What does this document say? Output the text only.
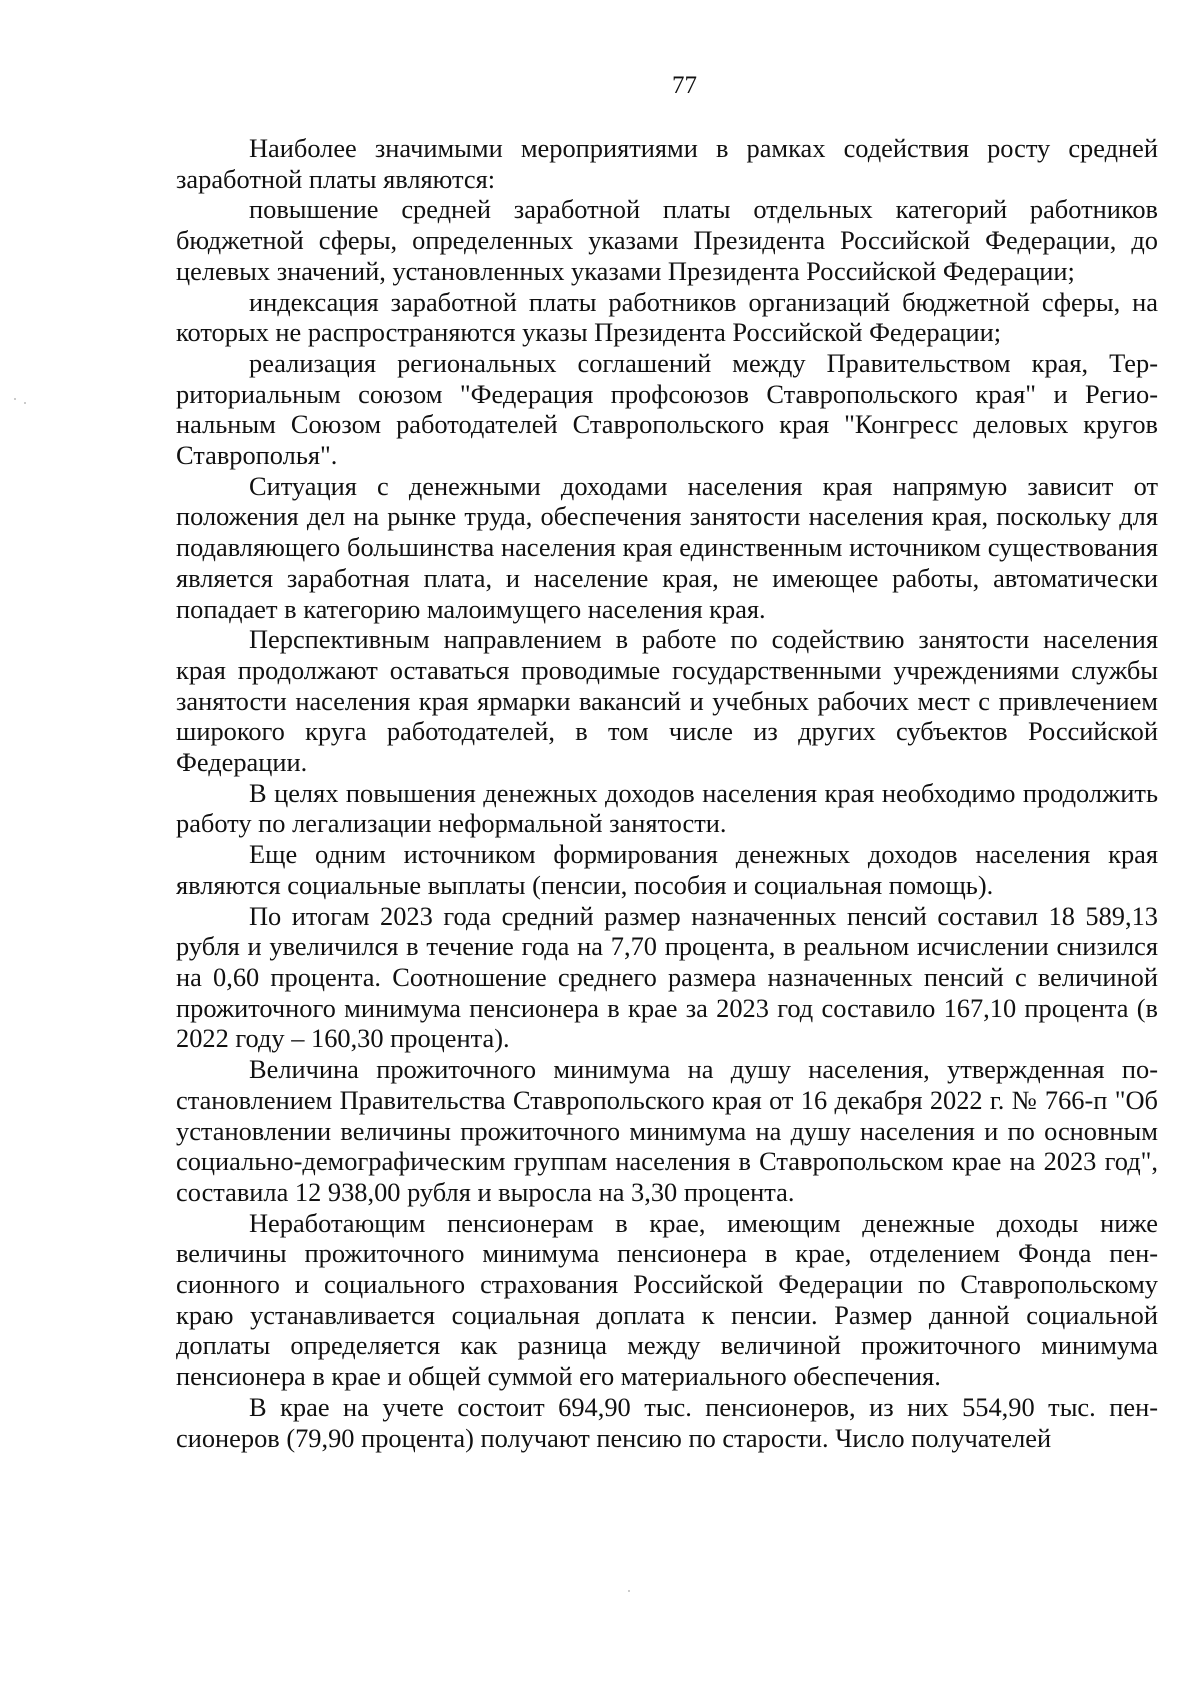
77

Наиболее значимыми мероприятиями в рамках содействия росту средней заработной платы являются:

повышение средней заработной платы отдельных категорий работников бюджетной сферы, определенных указами Президента Российской Федерации, до целевых значений, установленных указами Президента Российской Федерации;

индексация заработной платы работников организаций бюджетной сферы, на которых не распространяются указы Президента Российской Федерации;

реализация региональных соглашений между Правительством края, Территориальным союзом "Федерация профсоюзов Ставропольского края" и Региональным Союзом работодателей Ставропольского края "Конгресс деловых кругов Ставрополья".

Ситуация с денежными доходами населения края напрямую зависит от положения дел на рынке труда, обеспечения занятости населения края, поскольку для подавляющего большинства населения края единственным источником существования является заработная плата, и население края, не имеющее работы, автоматически попадает в категорию малоимущего населения края.

Перспективным направлением в работе по содействию занятости населения края продолжают оставаться проводимые государственными учреждениями службы занятости населения края ярмарки вакансий и учебных рабочих мест с привлечением широкого круга работодателей, в том числе из других субъектов Российской Федерации.

В целях повышения денежных доходов населения края необходимо продолжить работу по легализации неформальной занятости.

Еще одним источником формирования денежных доходов населения края являются социальные выплаты (пенсии, пособия и социальная помощь).

По итогам 2023 года средний размер назначенных пенсий составил 18 589,13 рубля и увеличился в течение года на 7,70 процента, в реальном исчислении снизился на 0,60 процента. Соотношение среднего размера назначенных пенсий с величиной прожиточного минимума пенсионера в крае за 2023 год составило 167,10 процента (в 2022 году – 160,30 процента).

Величина прожиточного минимума на душу населения, утвержденная постановлением Правительства Ставропольского края от 16 декабря 2022 г. № 766-п "Об установлении величины прожиточного минимума на душу населения и по основным социально-демографическим группам населения в Ставропольском крае на 2023 год", составила 12 938,00 рубля и выросла на 3,30 процента.

Неработающим пенсионерам в крае, имеющим денежные доходы ниже величины прожиточного минимума пенсионера в крае, отделением Фонда пенсионного и социального страхования Российской Федерации по Ставропольскому краю устанавливается социальная доплата к пенсии. Размер данной социальной доплаты определяется как разница между величиной прожиточного минимума пенсионера в крае и общей суммой его материального обеспечения.

В крае на учете состоит 694,90 тыс. пенсионеров, из них 554,90 тыс. пенсионеров (79,90 процента) получают пенсию по старости. Число получателей
